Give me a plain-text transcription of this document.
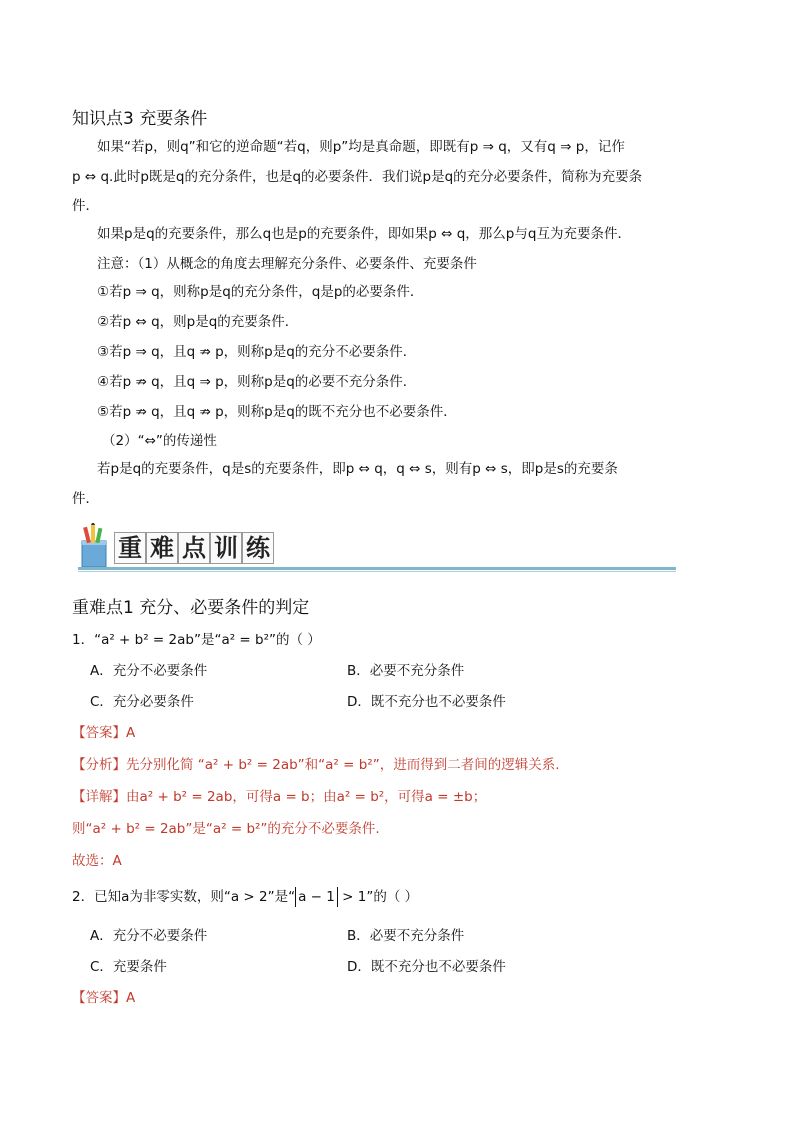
知识点3 充要条件
如果“若p，则q”和它的逆命题“若q，则p”均是真命题，即既有p ⇒ q，又有q ⇒ p，记作
p ⇔ q.此时p既是q的充分条件，也是q的必要条件．我们说p是q的充分必要条件，简称为充要条
件．
如果p是q的充要条件，那么q也是p的充要条件，即如果p ⇔ q，那么p与q互为充要条件．
注意：（1）从概念的角度去理解充分条件、必要条件、充要条件
①若p ⇒ q，则称p是q的充分条件，q是p的必要条件．
②若p ⇔ q，则p是q的充要条件．
③若p ⇒ q，且q ⇏ p，则称p是q的充分不必要条件．
④若p ⇏ q，且q ⇒ p，则称p是q的必要不充分条件．
⑤若p ⇏ q，且q ⇏ p，则称p是q的既不充分也不必要条件．
（2）“⇔”的传递性
若p是q的充要条件，q是s的充要条件，即p ⇔ q，q ⇔ s，则有p ⇔ s，即p是s的充要条
件．
重 难 点 训 练
重难点1 充分、必要条件的判定
1．“a² + b² = 2ab”是“a² = b²”的（ ）
A．充分不必要条件	B．必要不充分条件
C．充分必要条件	D．既不充分也不必要条件
【答案】A
【分析】先分别化简 “a² + b² = 2ab”和“a² = b²”，进而得到二者间的逻辑关系.
【详解】由a² + b² = 2ab，可得a = b；由a² = b²，可得a = ±b；
则“a² + b² = 2ab”是“a² = b²”的充分不必要条件.
故选：A
2．已知a为非零实数，则“a > 2”是“ a − 1 > 1”的（ ）
A．充分不必要条件	B．必要不充分条件
C．充要条件	D．既不充分也不必要条件
【答案】A
